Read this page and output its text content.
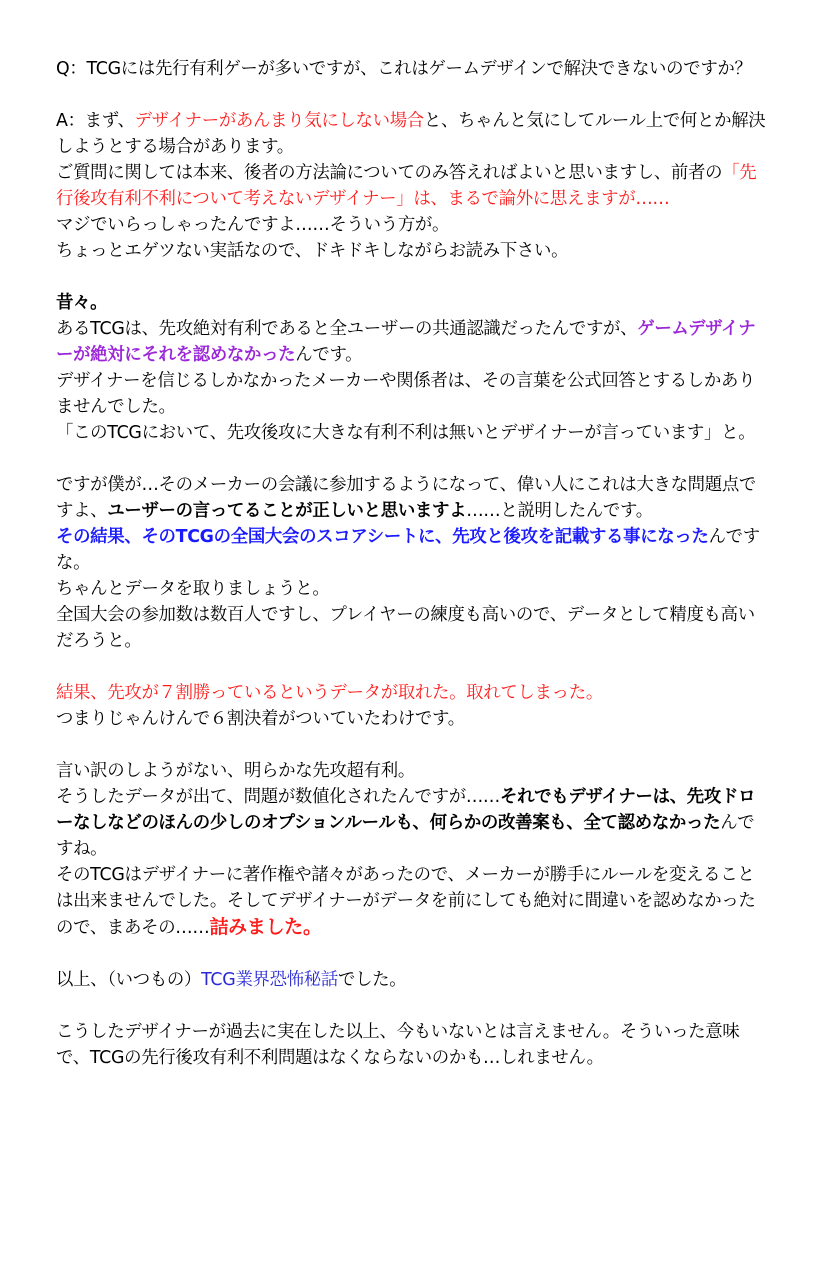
Q：TCGには先行有利ゲーが多いですが、これはゲームデザインで解決できないのですか？

A：まず、デザイナーがあんまり気にしない場合と、ちゃんと気にしてルール上で何とか解決しようとする場合があります。

ご質問に関しては本来、後者の方法論についてのみ答えればよいと思いますし、前者の「先行後攻有利不利について考えないデザイナー」は、まるで論外に思えますが……

マジでいらっしゃったんですよ……そういう方が。

ちょっとエゲツない実話なので、ドキドキしながらお読み下さい。

昔々。

あるTCGは、先攻絶対有利であると全ユーザーの共通認識だったんですが、ゲームデザイナーが絶対にそれを認めなかったんです。

デザイナーを信じるしかなかったメーカーや関係者は、その言葉を公式回答とするしかありませんでした。

「このTCGにおいて、先攻後攻に大きな有利不利は無いとデザイナーが言っています」と。

ですが僕が…そのメーカーの会議に参加するようになって、偉い人にこれは大きな問題点ですよ、ユーザーの言ってることが正しいと思いますよ……と説明したんです。

その結果、そのTCGの全国大会のスコアシートに、先攻と後攻を記載する事になったんですな。

ちゃんとデータを取りましょうと。

全国大会の参加数は数百人ですし、プレイヤーの練度も高いので、データとして精度も高いだろうと。

結果、先攻が７割勝っているというデータが取れた。取れてしまった。

つまりじゃんけんで６割決着がついていたわけです。

言い訳のしようがない、明らかな先攻超有利。

そうしたデータが出て、問題が数値化されたんですが……それでもデザイナーは、先攻ドローなしなどのほんの少しのオプションルールも、何らかの改善案も、全て認めなかったんですね。

そのTCGはデザイナーに著作権や諸々があったので、メーカーが勝手にルールを変えることは出来ませんでした。そしてデザイナーがデータを前にしても絶対に間違いを認めなかったので、まあその……詰みました。

以上、（いつもの）TCG業界恐怖秘話でした。

こうしたデザイナーが過去に実在した以上、今もいないとは言えません。そういった意味で、TCGの先行後攻有利不利問題はなくならないのかも…しれません。
